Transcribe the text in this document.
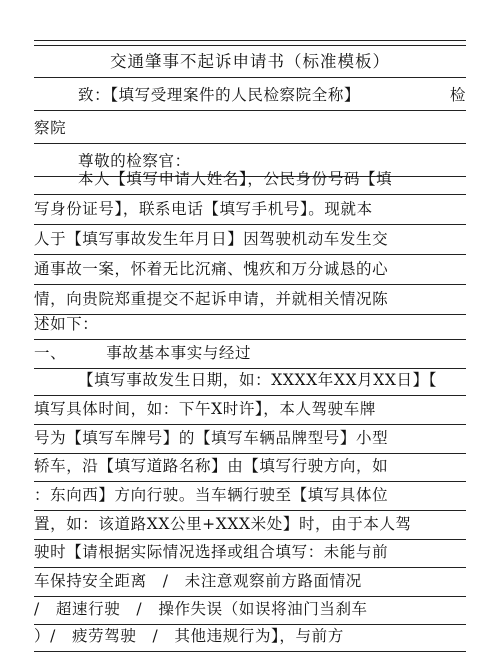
交通肇事不起诉申请书（标准模板）
致：【填写受理案件的人民检察院全称】	检
察院
尊敬的检察官：
本人【填写申请人姓名】，公民身份号码【填
写身份证号】，联系电话【填写手机号】。现就本
人于【填写事故发生年月日】因驾驶机动车发生交
通事故一案，怀着无比沉痛、愧疚和万分诚恳的心
情，向贵院郑重提交不起诉申请，并就相关情况陈
述如下：
一、	事故基本事实与经过
【填写事故发生日期，如：XXXX年XX月XX日】【
填写具体时间，如：下午X时许】，本人驾驶车牌
号为【填写车牌号】的【填写车辆品牌型号】小型
轿车，沿【填写道路名称】由【填写行驶方向，如
：东向西】方向行驶。当车辆行驶至【填写具体位
置，如：该道路XX公里+XXX米处】时，由于本人驾
驶时【请根据实际情况选择或组合填写：未能与前
车保持安全距离　/　未注意观察前方路面情况
/　超速行驶　/　操作失误（如误将油门当刹车
）/　疲劳驾驶　/　其他违规行为】，与前方
